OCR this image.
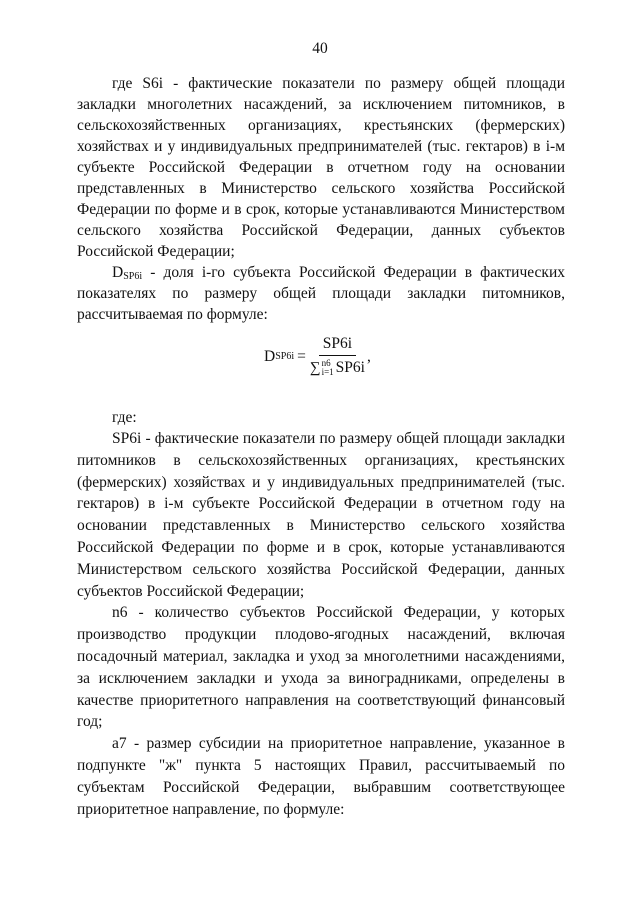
40

где S6i - фактические показатели по размеру общей площади закладки многолетних насаждений, за исключением питомников, в сельскохозяйственных организациях, крестьянских (фермерских) хозяйствах и у индивидуальных предпринимателей (тыс. гектаров) в i-м субъекте Российской Федерации в отчетном году на основании представленных в Министерство сельского хозяйства Российской Федерации по форме и в срок, которые устанавливаются Министерством сельского хозяйства Российской Федерации, данных субъектов Российской Федерации;

$D_{SP6i}$ - доля i-го субъекта Российской Федерации в фактических показателях по размеру общей площади закладки питомников, рассчитываемая по формуле:

D SP6i =
SP6i
∑ n6
i=1 SP6i
,

где:

SP6i - фактические показатели по размеру общей площади закладки питомников в сельскохозяйственных организациях, крестьянских (фермерских) хозяйствах и у индивидуальных предпринимателей (тыс. гектаров) в i-м субъекте Российской Федерации в отчетном году на основании представленных в Министерство сельского хозяйства Российской Федерации по форме и в срок, которые устанавливаются Министерством сельского хозяйства Российской Федерации, данных субъектов Российской Федерации;

n6 - количество субъектов Российской Федерации, у которых производство продукции плодово-ягодных насаждений, включая посадочный материал, закладка и уход за многолетними насаждениями, за исключением закладки и ухода за виноградниками, определены в качестве приоритетного направления на соответствующий финансовый год;

a7 - размер субсидии на приоритетное направление, указанное в подпункте "ж" пункта 5 настоящих Правил, рассчитываемый по субъектам Российской Федерации, выбравшим соответствующее приоритетное направление, по формуле:
